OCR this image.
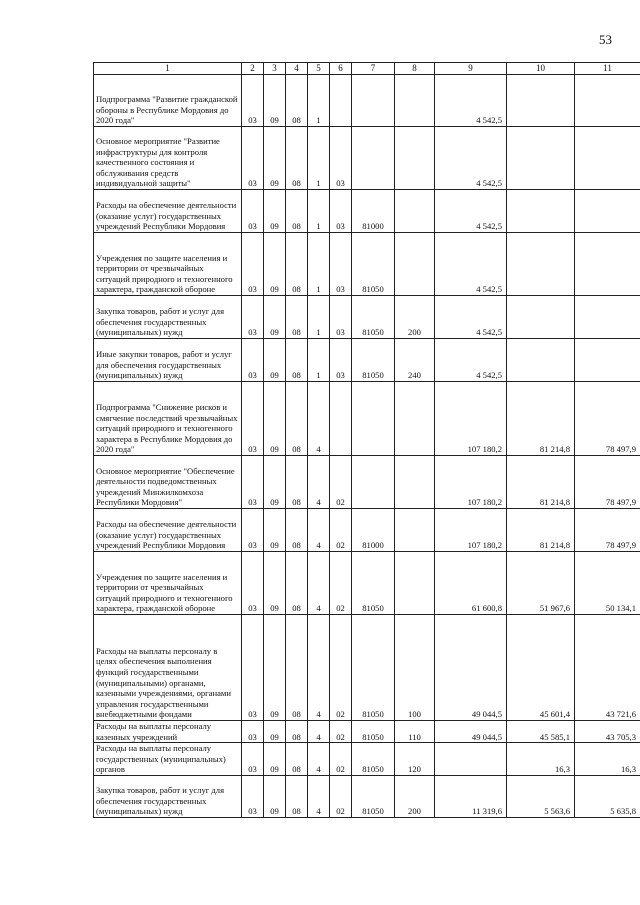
53
1	2	3	4	5	6	7	8	9	10	11
Подпрограмма "Развитие гражданской обороны в Республике Мордовия до 2020 года"	03	09	08	1				4 542,5		
Основное мероприятие "Развитие инфраструктуры для контроля качественного состояния и обслуживания средств индивидуальной защиты"	03	09	08	1	03			4 542,5		
Расходы на обеспечение деятельности (оказание услуг) государственных учреждений Республики Мордовия	03	09	08	1	03	81000		4 542,5		
Учреждения по защите населения и территории от чрезвычайных ситуаций природного и техногенного характера, гражданской обороне	03	09	08	1	03	81050		4 542,5		
Закупка товаров, работ и услуг для обеспечения государственных (муниципальных) нужд	03	09	08	1	03	81050	200	4 542,5		
Иные закупки товаров, работ и услуг для обеспечения государственных (муниципальных) нужд	03	09	08	1	03	81050	240	4 542,5		
Подпрограмма "Снижение рисков и смягчение последствий чрезвычайных ситуаций природного и техногенного характера в Республике Мордовия до 2020 года"	03	09	08	4				107 180,2	81 214,8	78 497,9
Основное мероприятие "Обеспечение деятельности подведомственных учреждений Минжилкомхоза Республики Мордовия"	03	09	08	4	02			107 180,2	81 214,8	78 497,9
Расходы на обеспечение деятельности (оказание услуг) государственных учреждений Республики Мордовия	03	09	08	4	02	81000		107 180,2	81 214,8	78 497,9
Учреждения по защите населения и территории от чрезвычайных ситуаций природного и техногенного характера, гражданской обороне	03	09	08	4	02	81050		61 600,8	51 967,6	50 134,1
Расходы на выплаты персоналу в целях обеспечения выполнения функций государственными (муниципальными) органами, казенными учреждениями, органами управления государственными внебюджетными фондами	03	09	08	4	02	81050	100	49 044,5	45 601,4	43 721,6
Расходы на выплаты персоналу казенных учреждений	03	09	08	4	02	81050	110	49 044,5	45 585,1	43 705,3
Расходы на выплаты персоналу государственных (муниципальных) органов	03	09	08	4	02	81050	120		16,3	16,3
Закупка товаров, работ и услуг для обеспечения государственных (муниципальных) нужд	03	09	08	4	02	81050	200	11 319,6	5 563,6	5 635,8
